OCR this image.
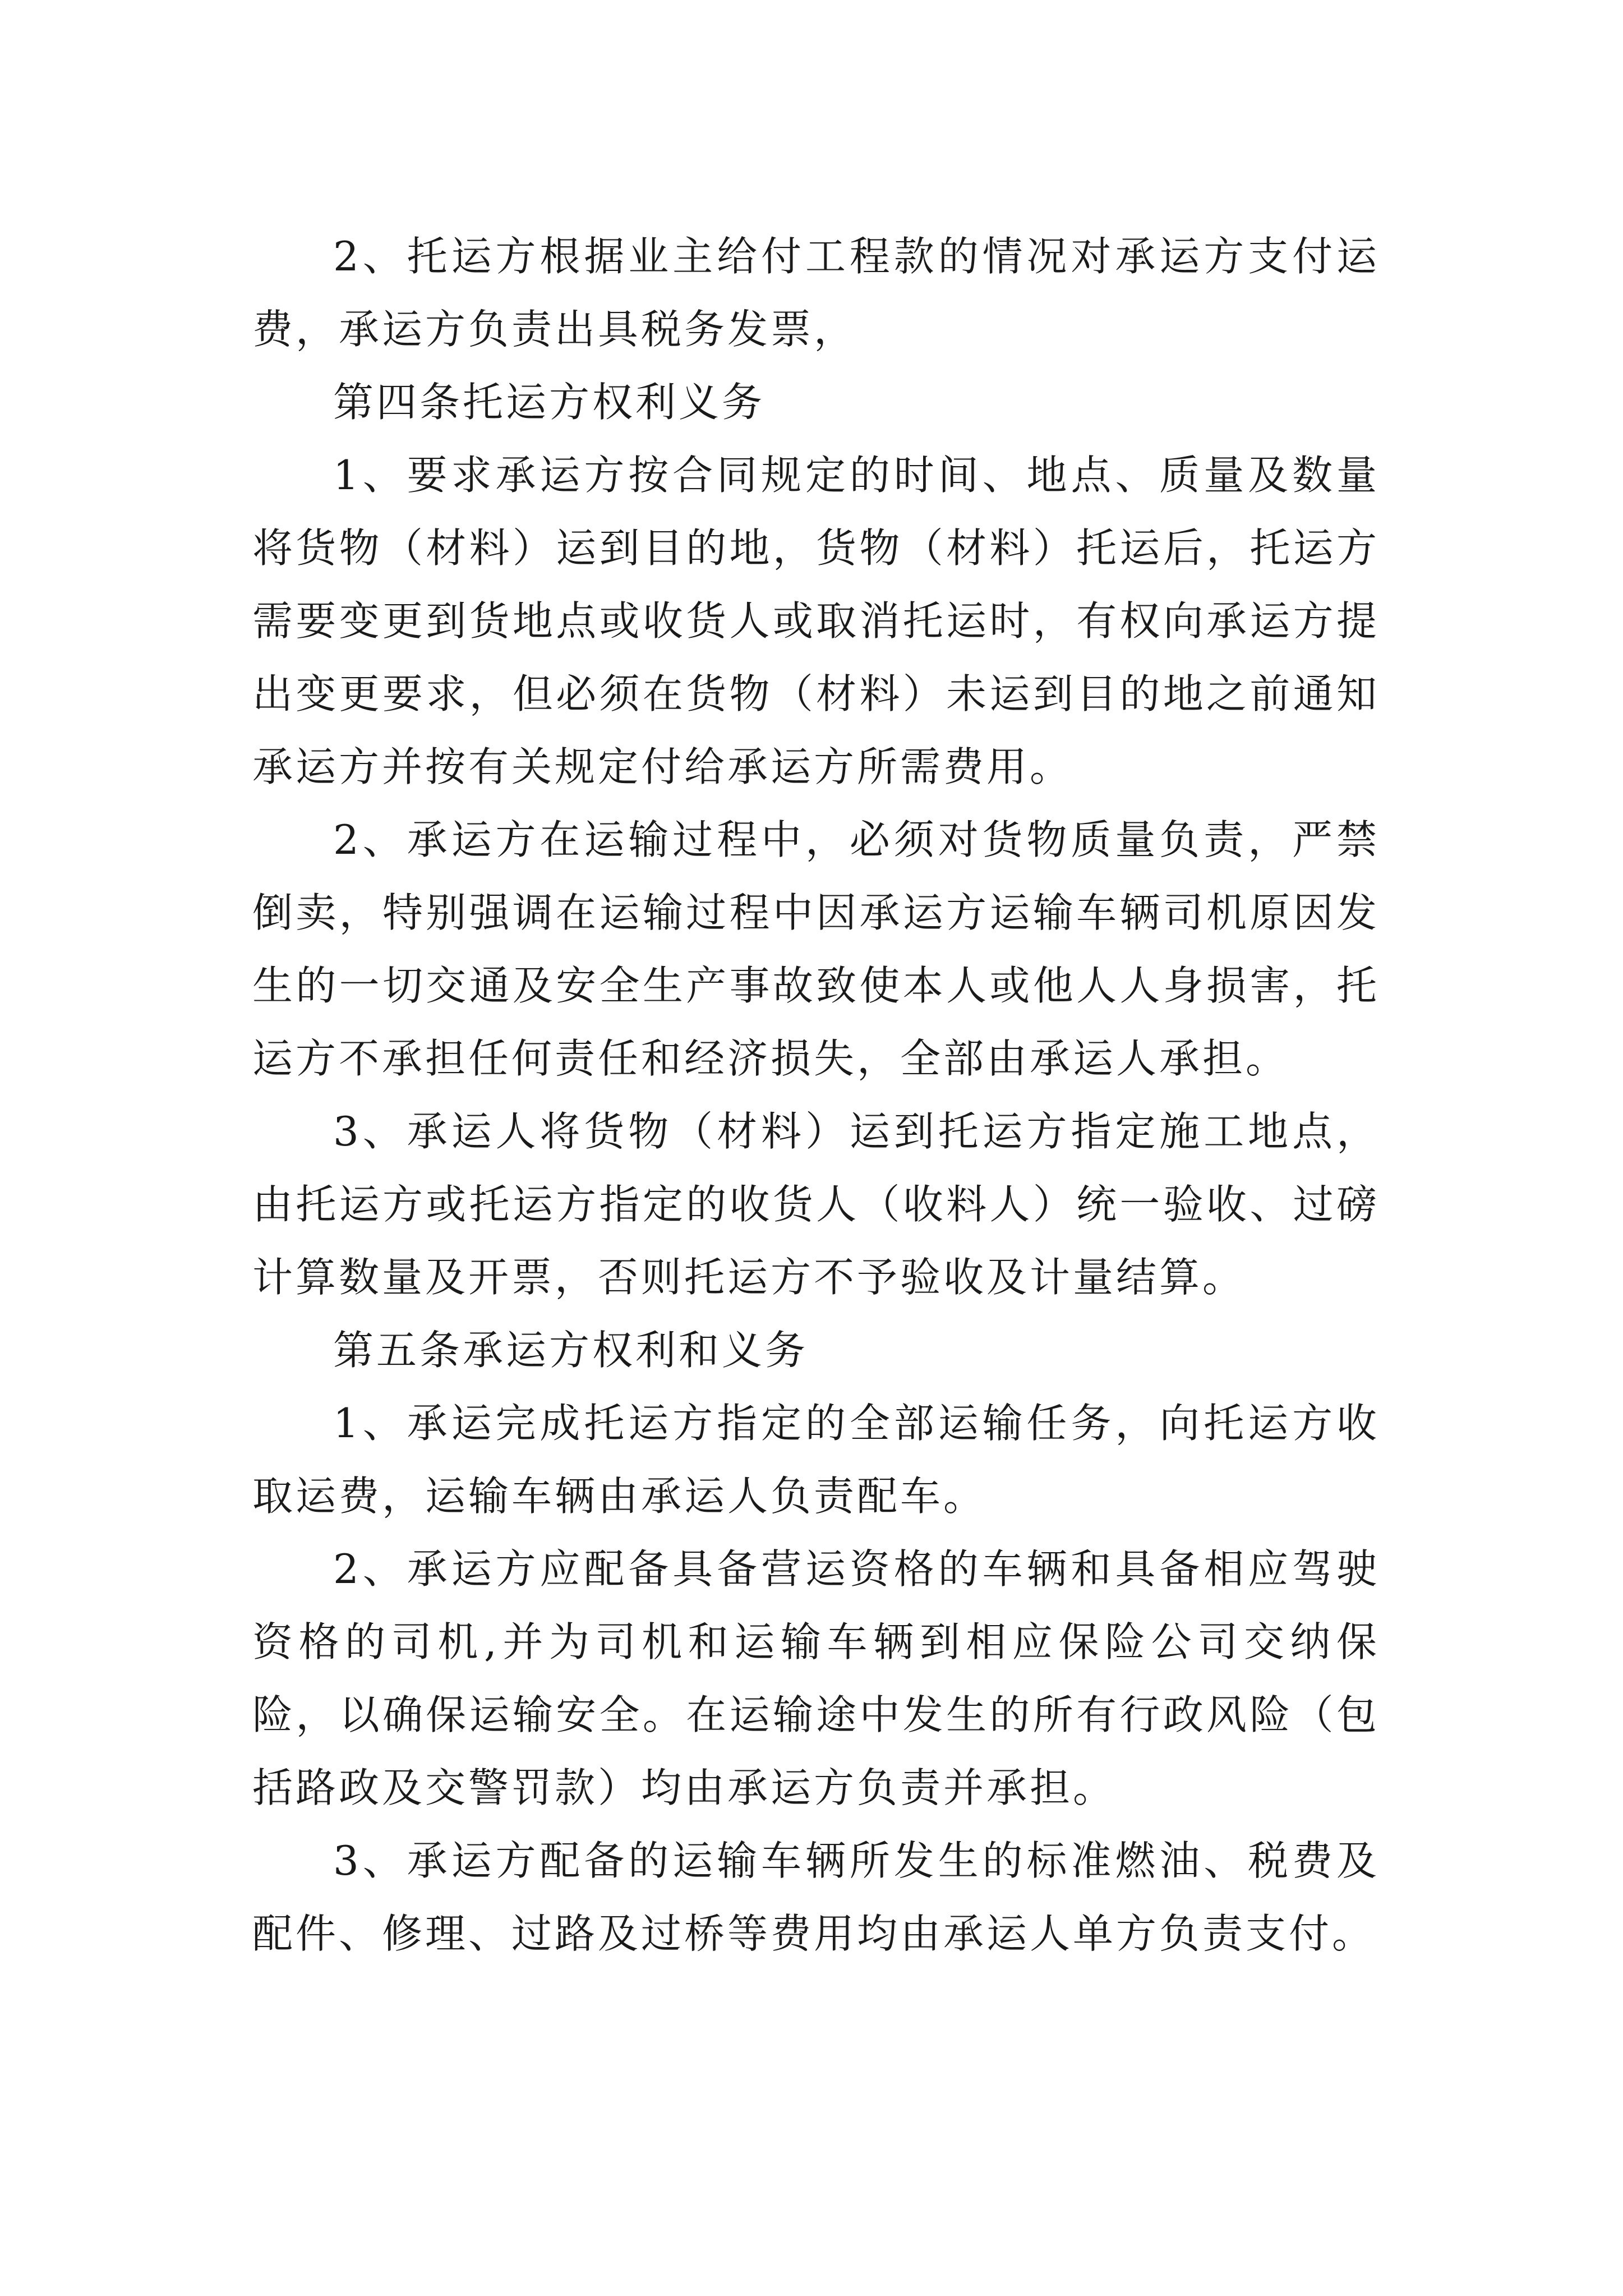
2、托运方根据业主给付工程款的情况对承运方支付运费，承运方负责出具税务发票，

第四条托运方权利义务

1、要求承运方按合同规定的时间、地点、质量及数量将货物（材料）运到目的地，货物（材料）托运后，托运方需要变更到货地点或收货人或取消托运时，有权向承运方提出变更要求，但必须在货物（材料）未运到目的地之前通知承运方并按有关规定付给承运方所需费用。

2、承运方在运输过程中，必须对货物质量负责，严禁倒卖，特别强调在运输过程中因承运方运输车辆司机原因发生的一切交通及安全生产事故致使本人或他人人身损害，托运方不承担任何责任和经济损失，全部由承运人承担。

3、承运人将货物（材料）运到托运方指定施工地点，由托运方或托运方指定的收货人（收料人）统一验收、过磅计算数量及开票，否则托运方不予验收及计量结算。

第五条承运方权利和义务

1、承运完成托运方指定的全部运输任务，向托运方收取运费，运输车辆由承运人负责配车。

2、承运方应配备具备营运资格的车辆和具备相应驾驶资格的司机,并为司机和运输车辆到相应保险公司交纳保险，以确保运输安全。在运输途中发生的所有行政风险（包括路政及交警罚款）均由承运方负责并承担。

3、承运方配备的运输车辆所发生的标准燃油、税费及配件、修理、过路及过桥等费用均由承运人单方负责支付。
